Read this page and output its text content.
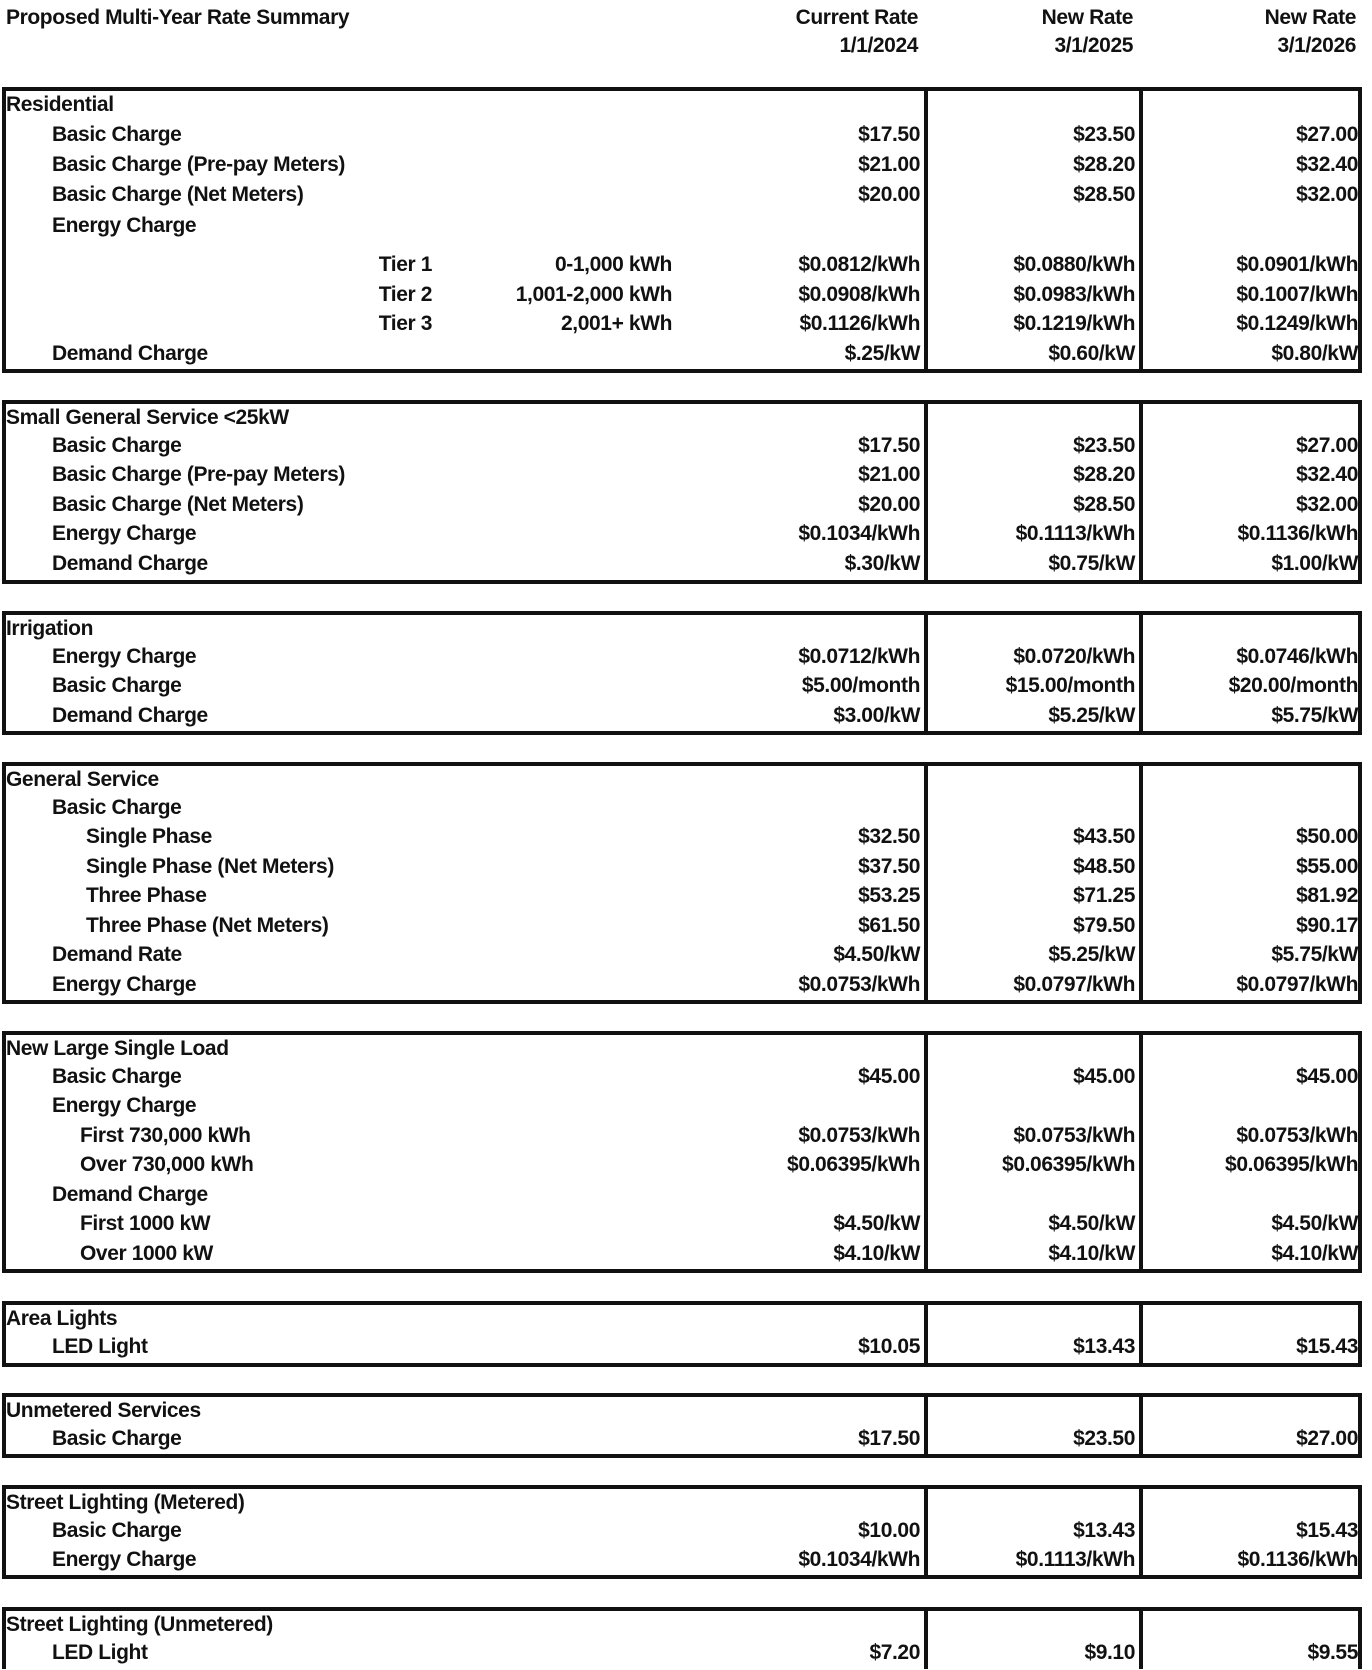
Proposed Multi-Year Rate Summary	Current Rate
1/1/2024
New Rate
3/1/2025
New Rate
3/1/2026
Residential
Basic Charge	$17.50	$23.50	$27.00
Basic Charge (Pre-pay Meters)	$21.00	$28.20	$32.40
Basic Charge (Net Meters)	$20.00	$28.50	$32.00
Energy Charge
Tier 1	0-1,000 kWh	$0.0812/kWh	$0.0880/kWh	$0.0901/kWh
Tier 2	1,001-2,000 kWh	$0.0908/kWh	$0.0983/kWh	$0.1007/kWh
Tier 3	2,001+ kWh	$0.1126/kWh	$0.1219/kWh	$0.1249/kWh
Demand Charge	$.25/kW	$0.60/kW	$0.80/kW
Small General Service <25kW
Basic Charge	$17.50	$23.50	$27.00
Basic Charge (Pre-pay Meters)	$21.00	$28.20	$32.40
Basic Charge (Net Meters)	$20.00	$28.50	$32.00
Energy Charge	$0.1034/kWh	$0.1113/kWh	$0.1136/kWh
Demand Charge	$.30/kW	$0.75/kW	$1.00/kW
Irrigation
Energy Charge	$0.0712/kWh	$0.0720/kWh	$0.0746/kWh
Basic Charge	$5.00/month	$15.00/month	$20.00/month
Demand Charge	$3.00/kW	$5.25/kW	$5.75/kW
General Service
Basic Charge
Single Phase	$32.50	$43.50	$50.00
Single Phase (Net Meters)	$37.50	$48.50	$55.00
Three Phase	$53.25	$71.25	$81.92
Three Phase (Net Meters)	$61.50	$79.50	$90.17
Demand Rate	$4.50/kW	$5.25/kW	$5.75/kW
Energy Charge	$0.0753/kWh	$0.0797/kWh	$0.0797/kWh
New Large Single Load
Basic Charge	$45.00	$45.00	$45.00
Energy Charge
First 730,000 kWh	$0.0753/kWh	$0.0753/kWh	$0.0753/kWh
Over 730,000 kWh	$0.06395/kWh	$0.06395/kWh	$0.06395/kWh
Demand Charge
First 1000 kW	$4.50/kW	$4.50/kW	$4.50/kW
Over 1000 kW	$4.10/kW	$4.10/kW	$4.10/kW
Area Lights
LED Light	$10.05	$13.43	$15.43
Unmetered Services
Basic Charge	$17.50	$23.50	$27.00
Street Lighting (Metered)
Basic Charge	$10.00	$13.43	$15.43
Energy Charge	$0.1034/kWh	$0.1113/kWh	$0.1136/kWh
Street Lighting (Unmetered)
LED Light	$7.20	$9.10	$9.55
